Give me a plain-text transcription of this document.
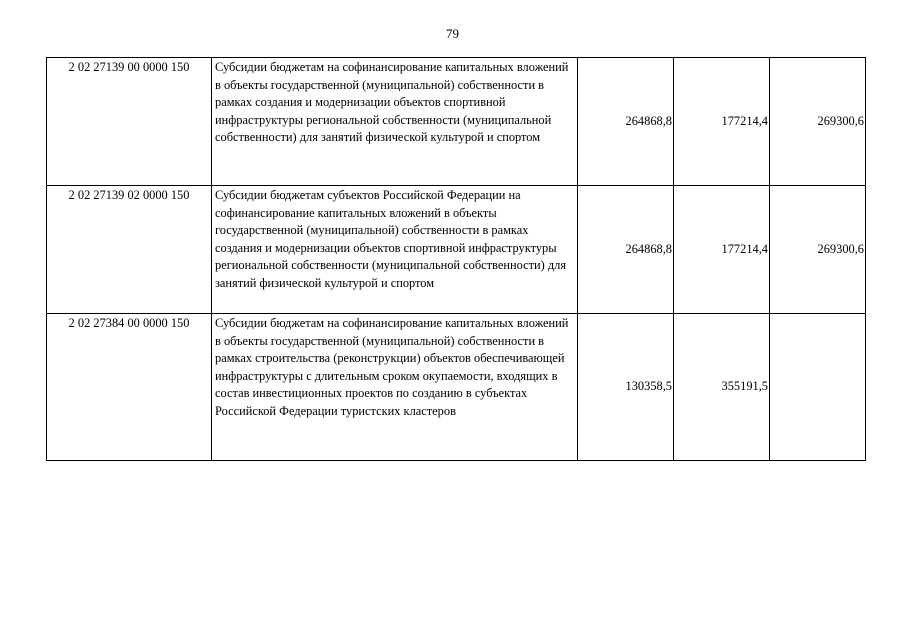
79
2 02 27139 00 0000 150	Субсидии бюджетам на софинансирование капитальных вложений в объекты государственной (муниципальной) собственности в рамках создания и модернизации объектов спортивной инфраструктуры региональной собственности (муниципальной собственности) для занятий физической культурой и спортом	264868,8	177214,4	269300,6

2 02 27139 02 0000 150	Субсидии бюджетам субъектов Российской Федерации на софинансирование капитальных вложений в объекты государственной (муниципальной) собственности в рамках создания и модернизации объектов спортивной инфраструктуры региональной собственности (муниципальной собственности) для занятий физической культурой и спортом	264868,8	177214,4	269300,6

2 02 27384 00 0000 150	Субсидии бюджетам на софинансирование капитальных вложений в объекты государственной (муниципальной) собственности в рамках строительства (реконструкции) объектов обеспечивающей инфраструктуры с длительным сроком окупаемости, входящих в состав инвестиционных проектов по созданию в субъектах Российской Федерации туристских кластеров	130358,5	355191,5	
